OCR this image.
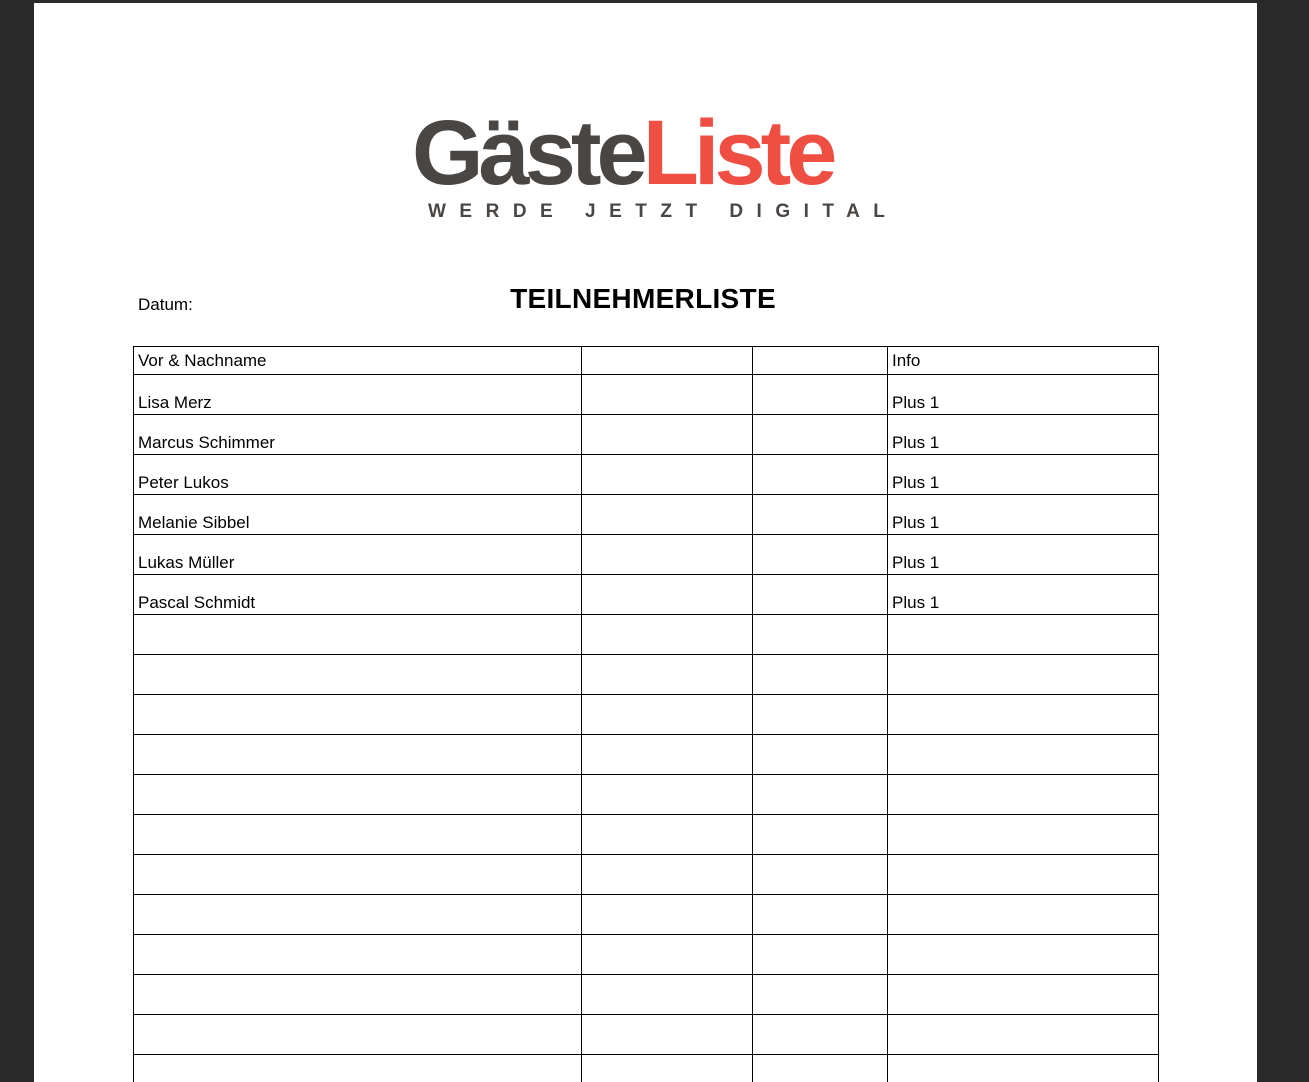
GästeListe
WERDE JETZT DIGITAL
Datum:	TEILNEHMERLISTE
Vor & Nachname			Info
Lisa Merz			Plus 1
Marcus Schimmer			Plus 1
Peter Lukos			Plus 1
Melanie Sibbel			Plus 1
Lukas Müller			Plus 1
Pascal Schmidt			Plus 1
